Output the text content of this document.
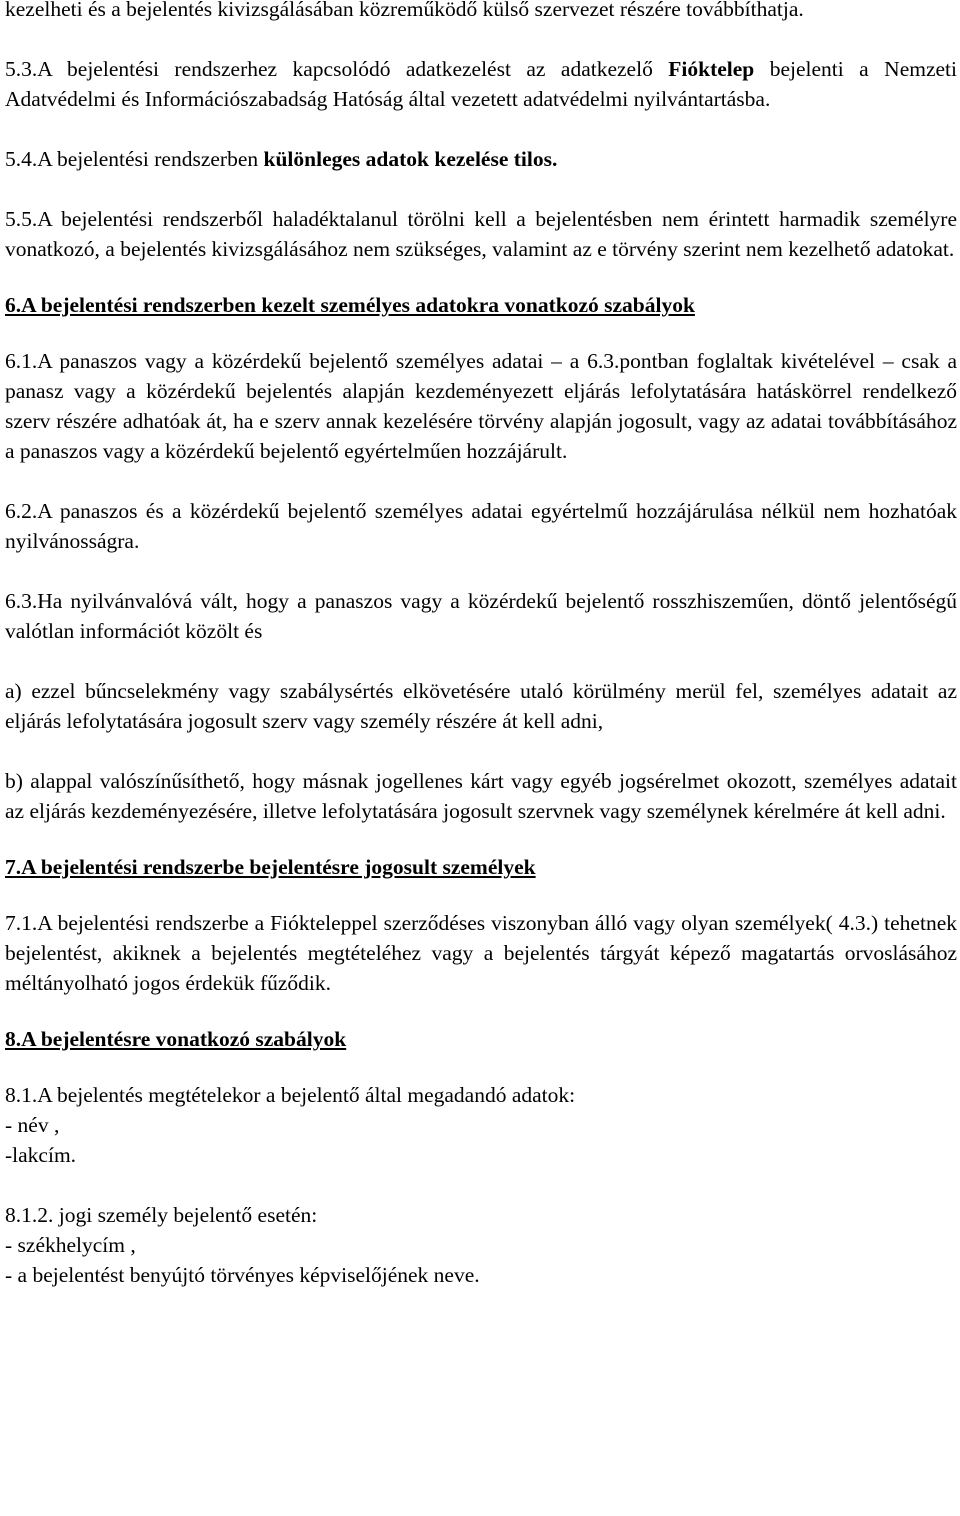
kezelheti és a bejelentés kivizsgálásában közreműködő külső szervezet részére továbbíthatja.

5.3.A bejelentési rendszerhez kapcsolódó adatkezelést az adatkezelő Fióktelep bejelenti a Nemzeti Adatvédelmi és Információszabadság Hatóság által vezetett adatvédelmi nyilvántartásba.

5.4.A bejelentési rendszerben különleges adatok kezelése tilos.

5.5.A bejelentési rendszerből haladéktalanul törölni kell a bejelentésben nem érintett harmadik személyre vonatkozó, a bejelentés kivizsgálásához nem szükséges, valamint az e törvény szerint nem kezelhető adatokat.

6.A bejelentési rendszerben kezelt személyes adatokra vonatkozó szabályok

6.1.A panaszos vagy a közérdekű bejelentő személyes adatai – a 6.3.pontban foglaltak kivételével – csak a panasz vagy a közérdekű bejelentés alapján kezdeményezett eljárás lefolytatására hatáskörrel rendelkező szerv részére adhatóak át, ha e szerv annak kezelésére törvény alapján jogosult, vagy az adatai továbbításához a panaszos vagy a közérdekű bejelentő egyértelműen hozzájárult.

6.2.A panaszos és a közérdekű bejelentő személyes adatai egyértelmű hozzájárulása nélkül nem hozhatóak nyilvánosságra.

6.3.Ha nyilvánvalóvá vált, hogy a panaszos vagy a közérdekű bejelentő rosszhiszeműen, döntő jelentőségű valótlan információt közölt és

a) ezzel bűncselekmény vagy szabálysértés elkövetésére utaló körülmény merül fel, személyes adatait az eljárás lefolytatására jogosult szerv vagy személy részére át kell adni,

b) alappal valószínűsíthető, hogy másnak jogellenes kárt vagy egyéb jogsérelmet okozott, személyes adatait az eljárás kezdeményezésére, illetve lefolytatására jogosult szervnek vagy személynek kérelmére át kell adni.

7.A bejelentési rendszerbe bejelentésre jogosult személyek

7.1.A bejelentési rendszerbe a Fiókteleppel szerződéses viszonyban álló vagy olyan személyek( 4.3.) tehetnek bejelentést, akiknek a bejelentés megtételéhez vagy a bejelentés tárgyát képező magatartás orvoslásához méltányolható jogos érdekük fűződik.

8.A bejelentésre vonatkozó szabályok

8.1.A bejelentés megtételekor a bejelentő által megadandó adatok:
- név ,
-lakcím.

8.1.2. jogi személy bejelentő esetén:
- székhelycím ,
- a bejelentést benyújtó törvényes képviselőjének neve.
